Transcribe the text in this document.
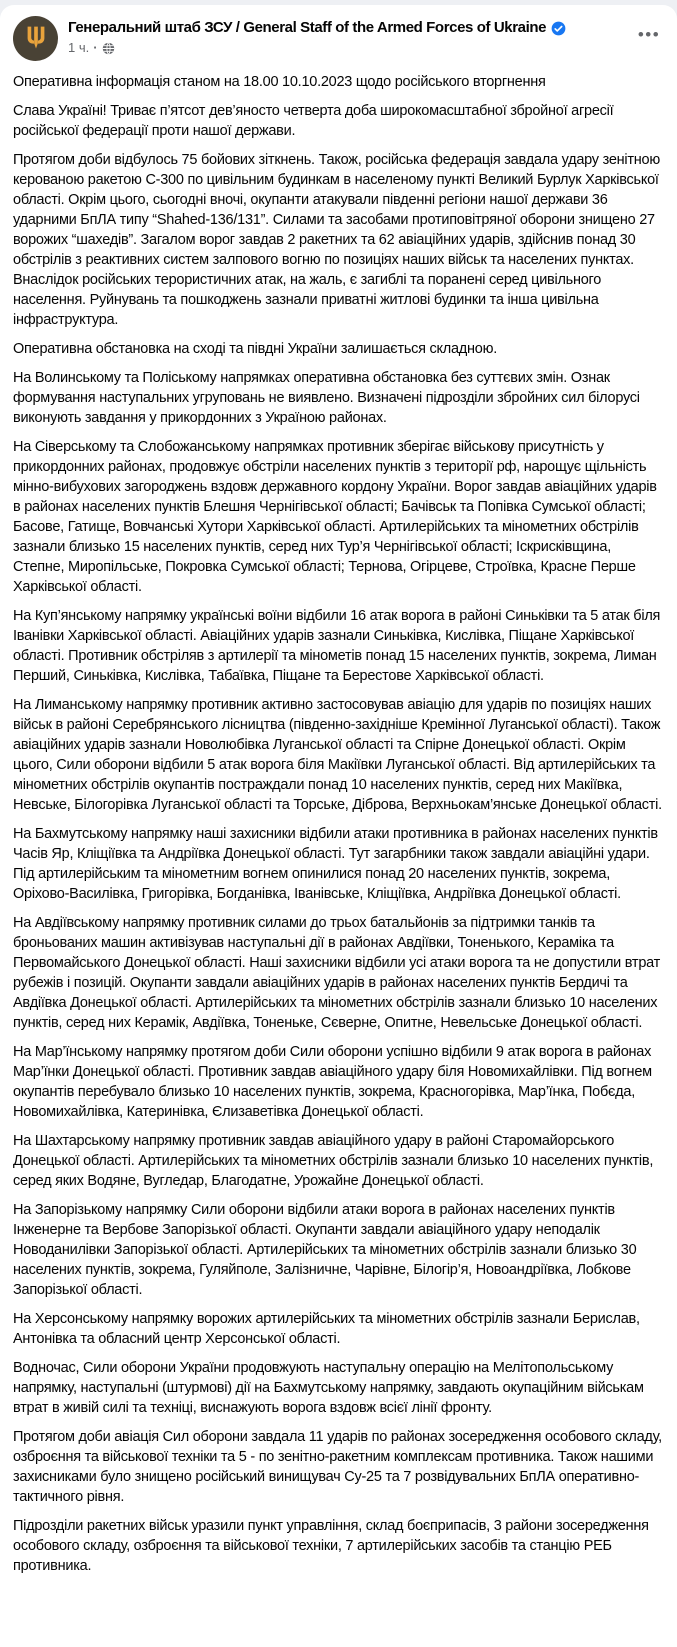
Генеральний штаб ЗСУ / General Staff of the Armed Forces of Ukraine
1 ч. ·
•••

Оперативна інформація станом на 18.00 10.10.2023 щодо російського вторгнення

Слава Україні! Триває п’ятсот дев’яносто четверта доба широкомасштабної збройної агресії російської федерації проти нашої держави.

Протягом доби відбулось 75 бойових зіткнень. Також, російська федерація завдала удару зенітною керованою ракетою С-300 по цивільним будинкам в населеному пункті Великий Бурлук Харківської області. Окрім цього, сьогодні вночі, окупанти атакували південні регіони нашої держави 36 ударними БпЛА типу “Shahed-136/131”. Силами та засобами протиповітряної оборони знищено 27 ворожих “шахедів”. Загалом ворог завдав 2 ракетних та 62 авіаційних ударів, здійснив понад 30 обстрілів з реактивних систем залпового вогню по позиціях наших військ та населених пунктах. Внаслідок російських терористичних атак, на жаль, є загиблі та поранені серед цивільного населення. Руйнувань та пошкоджень зазнали приватні житлові будинки та інша цивільна інфраструктура.

Оперативна обстановка на сході та півдні України залишається складною.

На Волинському та Поліському напрямках оперативна обстановка без суттєвих змін. Ознак формування наступальних угруповань не виявлено. Визначені підрозділи збройних сил білорусі виконують завдання у прикордонних з Україною районах.

На Сіверському та Слобожанському напрямках противник зберігає військову присутність у прикордонних районах, продовжує обстріли населених пунктів з території рф, нарощує щільність мінно-вибухових загороджень вздовж державного кордону України. Ворог завдав авіаційних ударів в районах населених пунктів Блешня Чернігівської області; Бачівськ та Попівка Сумської області; Басове, Гатище, Вовчанські Хутори Харківської області. Артилерійських та мінометних обстрілів зазнали близько 15 населених пунктів, серед них Тур’я Чернігівської області; Іскрисківщина, Степне, Миропільське, Покровка Сумської області; Тернова, Огірцеве, Строївка, Красне Перше Харківської області.

На Куп’янському напрямку українські воїни відбили 16 атак ворога в районі Синьківки та 5 атак біля Іванівки Харківської області. Авіаційних ударів зазнали Синьківка, Кислівка, Піщане Харківської області. Противник обстріляв з артилерії та мінометів понад 15 населених пунктів, зокрема, Лиман Перший, Синьківка, Кислівка, Табаївка, Піщане та Берестове Харківської області.

На Лиманському напрямку противник активно застосовував авіацію для ударів по позиціях наших військ в районі Серебрянського лісництва (південно-західніше Кремінної Луганської області). Також авіаційних ударів зазнали Новолюбівка Луганської області та Спірне Донецької області. Окрім цього, Сили оборони відбили 5 атак ворога біля Макіївки Луганської області. Від артилерійських та мінометних обстрілів окупантів постраждали понад 10 населених пунктів, серед них Макіївка, Невське, Білогорівка Луганської області та Торське, Діброва, Верхньокам’янське Донецької області.

На Бахмутському напрямку наші захисники відбили атаки противника в районах населених пунктів Часів Яр, Кліщіївка та Андріївка Донецької області. Тут загарбники також завдали авіаційні удари. Під артилерійським та мінометним вогнем опинилися понад 20 населених пунктів, зокрема, Оріхово-Василівка, Григорівка, Богданівка, Іванівське, Кліщіївка, Андріївка Донецької області.

На Авдіївському напрямку противник силами до трьох батальйонів за підтримки танків та броньованих машин активізував наступальні дії в районах Авдіївки, Тоненького, Кераміка та Первомайського Донецької області. Наші захисники відбили усі атаки ворога та не допустили втрат рубежів і позицій. Окупанти завдали авіаційних ударів в районах населених пунктів Бердичі та Авдіївка Донецької області. Артилерійських та мінометних обстрілів зазнали близько 10 населених пунктів, серед них Керамік, Авдіївка, Тоненьке, Сєверне, Опитне, Невельське Донецької області.

На Мар’їнському напрямку протягом доби Сили оборони успішно відбили 9 атак ворога в районах Мар’їнки Донецької області. Противник завдав авіаційного удару біля Новомихайлівки. Під вогнем окупантів перебувало близько 10 населених пунктів, зокрема, Красногорівка, Мар’їнка, Побєда, Новомихайлівка, Катеринівка, Єлизаветівка Донецької області.

На Шахтарському напрямку противник завдав авіаційного удару в районі Старомайорського Донецької області. Артилерійських та мінометних обстрілів зазнали близько 10 населених пунктів, серед яких Водяне, Вугледар, Благодатне, Урожайне Донецької області.

На Запорізькому напрямку Сили оборони відбили атаки ворога в районах населених пунктів Інженерне та Вербове Запорізької області. Окупанти завдали авіаційного удару неподалік Новоданилівки Запорізької області. Артилерійських та мінометних обстрілів зазнали близько 30 населених пунктів, зокрема, Гуляйполе, Залізничне, Чарівне, Білогір’я, Новоандріївка, Лобкове Запорізької області.

На Херсонському напрямку ворожих артилерійських та мінометних обстрілів зазнали Берислав, Антонівка та обласний центр Херсонської області.

Водночас, Сили оборони України продовжують наступальну операцію на Мелітопольському напрямку, наступальні (штурмові) дії на Бахмутському напрямку, завдають окупаційним військам втрат в живій силі та техніці, виснажують ворога вздовж всієї лінії фронту.

Протягом доби авіація Сил оборони завдала 11 ударів по районах зосередження особового складу, озброєння та військової техніки та 5 - по зенітно-ракетним комплексам противника. Також нашими захисниками було знищено російський винищувач Су-25 та 7 розвідувальних БпЛА оперативно-тактичного рівня.

Підрозділи ракетних військ уразили пункт управління, склад боєприпасів, 3 райони зосередження особового складу, озброєння та військової техніки, 7 артилерійських засобів та станцію РЕБ противника.
